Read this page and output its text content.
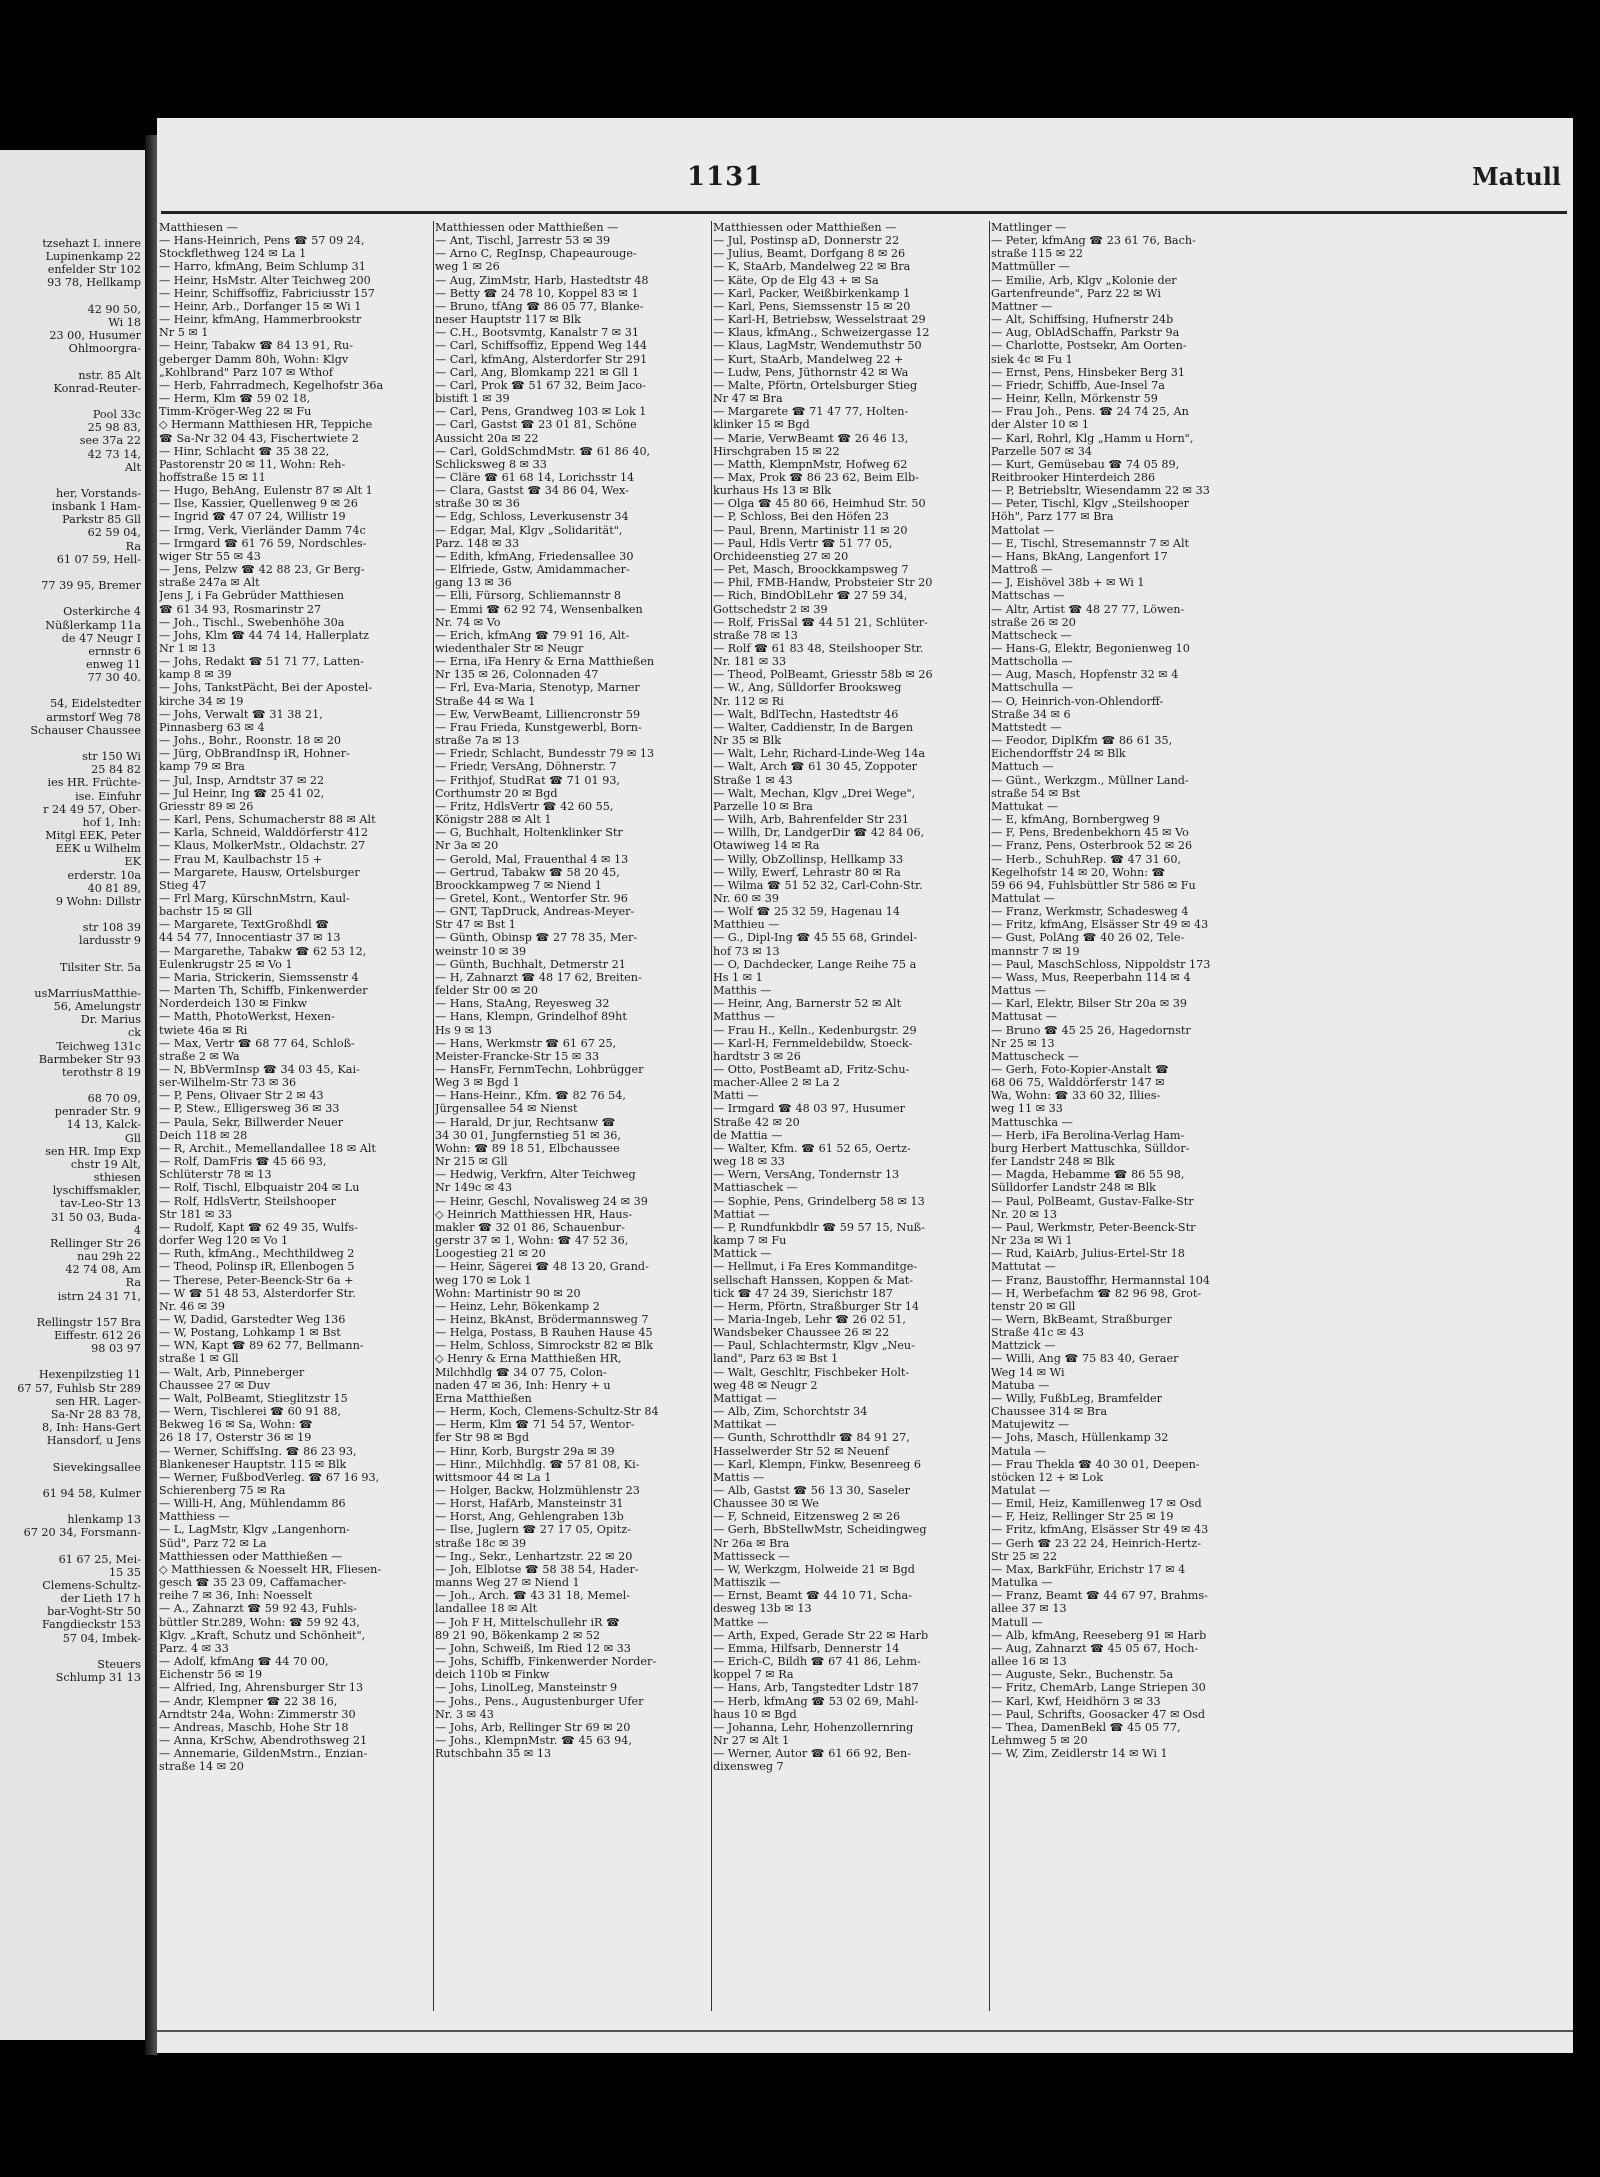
tzsehazt I. innere
Lupinenkamp 22
enfelder Str 102
93 78, Hellkamp

42 90 50,
Wi 18
23 00, Husumer
Ohlmoorgra-

nstr. 85 Alt
Konrad-Reuter-

Pool 33c
25 98 83,
see 37a 22
42 73 14,
Alt

her, Vorstands-
insbank 1 Ham-
Parkstr 85 Gll
62 59 04,
Ra
61 07 59, Hell-

77 39 95, Bremer

Osterkirche 4
Nüßlerkamp 11a
de 47 Neugr I
ernnstr 6
enweg 11
77 30 40.

54, Eidelstedter
armstorf Weg 78
Schauser Chaussee

str 150 Wi
25 84 82
ies HR. Früchte-
ise. Einfuhr
r 24 49 57, Ober-
hof 1, Inh:
Mitgl EEK, Peter
EEK u Wilhelm
EK
erderstr. 10a
40 81 89,
9 Wohn: Dillstr

str 108 39
lardusstr 9

Tilsiter Str. 5a

usMarriusMatthie-
56, Amelungstr
Dr. Marius
ck
Teichweg 131c
Barmbeker Str 93
terothstr 8 19

68 70 09,
penrader Str. 9
14 13, Kalck-
Gll
sen HR. Imp Exp
chstr 19 Alt,
sthiesen
lyschiffsmakler,
tav-Leo-Str 13
31 50 03, Buda-
4
Rellinger Str 26
nau 29h 22
42 74 08, Am
Ra
istrn 24 31 71,

Rellingstr 157 Bra
Eiffestr. 612 26
98 03 97

Hexenpilzstieg 11
67 57, Fuhlsb Str 289
sen HR. Lager-
Sa-Nr 28 83 78,
8, Inh: Hans-Gert
Hansdorf, u Jens

Sievekingsallee

61 94 58, Kulmer

hlenkamp 13
67 20 34, Forsmann-

61 67 25, Mei-
15 35
Clemens-Schultz-
der Lieth 17 h
bar-Voght-Str 50
Fangdieckstr 153
57 04, Imbek-

Steuers
Schlump 31 13
1131	Matull
Matthiesen —
— Hans-Heinrich, Pens ☎ 57 09 24,
Stockflethweg 124 ✉ La 1
— Harro, kfmAng, Beim Schlump 31
— Heinr, HsMstr. Alter Teichweg 200
— Heinr, Schiffsoffiz, Fabriciusstr 157
— Heinr, Arb., Dorfanger 15 ✉ Wi 1
— Heinr, kfmAng, Hammerbrookstr
Nr 5 ✉ 1
— Heinr, Tabakw ☎ 84 13 91, Ru-
geberger Damm 80h, Wohn: Klgv
„Kohlbrand" Parz 107 ✉ Wthof
— Herb, Fahrradmech, Kegelhofstr 36a
— Herm, Klm ☎ 59 02 18,
Timm-Kröger-Weg 22 ✉ Fu
◇ Hermann Matthiesen HR, Teppiche
☎ Sa-Nr 32 04 43, Fischertwiete 2
— Hinr, Schlacht ☎ 35 38 22,
Pastorenstr 20 ✉ 11, Wohn: Reh-
hoffstraße 15 ✉ 11
— Hugo, BehAng, Eulenstr 87 ✉ Alt 1
— Ilse, Kassier, Quellenweg 9 ✉ 26
— Ingrid ☎ 47 07 24, Willistr 19
— Irmg, Verk, Vierländer Damm 74c
— Irmgard ☎ 61 76 59, Nordschles-
wiger Str 55 ✉ 43
— Jens, Pelzw ☎ 42 88 23, Gr Berg-
straße 247a ✉ Alt
Jens J, i Fa Gebrüder Matthiesen
☎ 61 34 93, Rosmarinstr 27
— Joh., Tischl., Swebenhöhe 30a
— Johs, Klm ☎ 44 74 14, Hallerplatz
Nr 1 ✉ 13
— Johs, Redakt ☎ 51 71 77, Latten-
kamp 8 ✉ 39
— Johs, TankstPächt, Bei der Apostel-
kirche 34 ✉ 19
— Johs, Verwalt ☎ 31 38 21,
Pinnasberg 63 ✉ 4
— Johs., Bohr., Roonstr. 18 ✉ 20
— Jürg, ObBrandInsp iR, Hohner-
kamp 79 ✉ Bra
— Jul, Insp, Arndtstr 37 ✉ 22
— Jul Heinr, Ing ☎ 25 41 02,
Griesstr 89 ✉ 26
— Karl, Pens, Schumacherstr 88 ✉ Alt
— Karla, Schneid, Walddörferstr 412
— Klaus, MolkerMstr., Oldachstr. 27
— Frau M, Kaulbachstr 15 +
— Margarete, Hausw, Ortelsburger
Stieg 47
— Frl Marg, KürschnMstrn, Kaul-
bachstr 15 ✉ Gll
— Margarete, TextGroßhdl ☎
44 54 77, Innocentiastr 37 ✉ 13
— Margarethe, Tabakw ☎ 62 53 12,
Eulenkrugstr 25 ✉ Vo 1
— Maria, Strickerin, Siemssenstr 4
— Marten Th, Schiffb, Finkenwerder
Norderdeich 130 ✉ Finkw
— Matth, PhotoWerkst, Hexen-
twiete 46a ✉ Ri
— Max, Vertr ☎ 68 77 64, Schloß-
straße 2 ✉ Wa
— N, BbVermInsp ☎ 34 03 45, Kai-
ser-Wilhelm-Str 73 ✉ 36
— P, Pens, Olivaer Str 2 ✉ 43
— P, Stew., Elligersweg 36 ✉ 33
— Paula, Sekr, Billwerder Neuer
Deich 118 ✉ 28
— R, Archit., Memellandallee 18 ✉ Alt
— Rolf, DamFris ☎ 45 66 93,
Schlüterstr 78 ✉ 13
— Rolf, Tischl, Elbquaistr 204 ✉ Lu
— Rolf, HdlsVertr, Steilshooper
Str 181 ✉ 33
— Rudolf, Kapt ☎ 62 49 35, Wulfs-
dorfer Weg 120 ✉ Vo 1
— Ruth, kfmAng., Mechthildweg 2
— Theod, Polinsp iR, Ellenbogen 5
— Therese, Peter-Beenck-Str 6a +
— W ☎ 51 48 53, Alsterdorfer Str.
Nr. 46 ✉ 39
— W, Dadid, Garstedter Weg 136
— W, Postang, Lohkamp 1 ✉ Bst
— WN, Kapt ☎ 89 62 77, Bellmann-
straße 1 ✉ Gll
— Walt, Arb, Pinneberger
Chaussee 27 ✉ Duv
— Walt, PolBeamt, Stieglitzstr 15
— Wern, Tischlerei ☎ 60 91 88,
Bekweg 16 ✉ Sa, Wohn: ☎
26 18 17, Osterstr 36 ✉ 19
— Werner, SchiffsIng. ☎ 86 23 93,
Blankeneser Hauptstr. 115 ✉ Blk
— Werner, FußbodVerleg. ☎ 67 16 93,
Schierenberg 75 ✉ Ra
— Willi-H, Ang, Mühlendamm 86
Matthiess —
— L, LagMstr, Klgv „Langenhorn-
Süd", Parz 72 ✉ La
Matthiessen oder Matthießen —
◇ Matthiessen & Noesselt HR, Fliesen-
gesch ☎ 35 23 09, Caffamacher-
reihe 7 ✉ 36, Inh: Noesselt
— A., Zahnarzt ☎ 59 92 43, Fuhls-
büttler Str.289, Wohn: ☎ 59 92 43,
Klgv. „Kraft, Schutz und Schönheit",
Parz. 4 ✉ 33
— Adolf, kfmAng ☎ 44 70 00,
Eichenstr 56 ✉ 19
— Alfried, Ing, Ahrensburger Str 13
— Andr, Klempner ☎ 22 38 16,
Arndtstr 24a, Wohn: Zimmerstr 30
— Andreas, Maschb, Hohe Str 18
— Anna, KrSchw, Abendrothsweg 21
— Annemarie, GildenMstrn., Enzian-
straße 14 ✉ 20
Matthiessen oder Matthießen —
— Ant, Tischl, Jarrestr 53 ✉ 39
— Arno C, RegInsp, Chapeaurouge-
weg 1 ✉ 26
— Aug, ZimMstr, Harb, Hastedtstr 48
— Betty ☎ 24 78 10, Koppel 83 ✉ 1
— Bruno, tfAng ☎ 86 05 77, Blanke-
neser Hauptstr 117 ✉ Blk
— C.H., Bootsvmtg, Kanalstr 7 ✉ 31
— Carl, Schiffsoffiz, Eppend Weg 144
— Carl, kfmAng, Alsterdorfer Str 291
— Carl, Ang, Blomkamp 221 ✉ Gll 1
— Carl, Prok ☎ 51 67 32, Beim Jaco-
bistift 1 ✉ 39
— Carl, Pens, Grandweg 103 ✉ Lok 1
— Carl, Gastst ☎ 23 01 81, Schöne
Aussicht 20a ✉ 22
— Carl, GoldSchmdMstr. ☎ 61 86 40,
Schlicksweg 8 ✉ 33
— Cläre ☎ 61 68 14, Lorichsstr 14
— Clara, Gastst ☎ 34 86 04, Wex-
straße 30 ✉ 36
— Edg, Schloss, Leverkusenstr 34
— Edgar, Mal, Klgv „Solidarität",
Parz. 148 ✉ 33
— Edith, kfmAng, Friedensallee 30
— Elfriede, Gstw, Amidammacher-
gang 13 ✉ 36
— Elli, Fürsorg, Schliemannstr 8
— Emmi ☎ 62 92 74, Wensenbalken
Nr. 74 ✉ Vo
— Erich, kfmAng ☎ 79 91 16, Alt-
wiedenthaler Str ✉ Neugr
— Erna, iFa Henry & Erna Matthießen
Nr 135 ✉ 26, Colonnaden 47
— Frl, Eva-Maria, Stenotyp, Marner
Straße 44 ✉ Wa 1
— Ew, VerwBeamt, Lilliencronstr 59
— Frau Frieda, Kunstgewerbl, Born-
straße 7a ✉ 13
— Friedr, Schlacht, Bundesstr 79 ✉ 13
— Friedr, VersAng, Döhnerstr. 7
— Frithjof, StudRat ☎ 71 01 93,
Corthumstr 20 ✉ Bgd
— Fritz, HdlsVertr ☎ 42 60 55,
Königstr 288 ✉ Alt 1
— G, Buchhalt, Holtenklinker Str
Nr 3a ✉ 20
— Gerold, Mal, Frauenthal 4 ✉ 13
— Gertrud, Tabakw ☎ 58 20 45,
Broockkampweg 7 ✉ Niend 1
— Gretel, Kont., Wentorfer Str. 96
— GNT, TapDruck, Andreas-Meyer-
Str 47 ✉ Bst 1
— Günth, Obinsp ☎ 27 78 35, Mer-
weinstr 10 ✉ 39
— Günth, Buchhalt, Detmerstr 21
— H, Zahnarzt ☎ 48 17 62, Breiten-
felder Str 00 ✉ 20
— Hans, StaAng, Reyesweg 32
— Hans, Klempn, Grindelhof 89ht
Hs 9 ✉ 13
— Hans, Werkmstr ☎ 61 67 25,
Meister-Francke-Str 15 ✉ 33
— HansFr, FernmTechn, Lohbrügger
Weg 3 ✉ Bgd 1
— Hans-Heinr., Kfm. ☎ 82 76 54,
Jürgensallee 54 ✉ Nienst
— Harald, Dr jur, Rechtsanw ☎
34 30 01, Jungfernstieg 51 ✉ 36,
Wohn: ☎ 89 18 51, Elbchaussee
Nr 215 ✉ Gll
— Hedwig, Verkfrn, Alter Teichweg
Nr 149c ✉ 43
— Heinr, Geschl, Novalisweg 24 ✉ 39
◇ Heinrich Matthiessen HR, Haus-
makler ☎ 32 01 86, Schauenbur-
gerstr 37 ✉ 1, Wohn: ☎ 47 52 36,
Loogestieg 21 ✉ 20
— Heinr, Sägerei ☎ 48 13 20, Grand-
weg 170 ✉ Lok 1
Wohn: Martinistr 90 ✉ 20
— Heinz, Lehr, Bökenkamp 2
— Heinz, BkAnst, Brödermannsweg 7
— Helga, Postass, B Rauhen Hause 45
— Helm, Schloss, Simrockstr 82 ✉ Blk
◇ Henry & Erna Matthießen HR,
Milchhdlg ☎ 34 07 75, Colon-
naden 47 ✉ 36, Inh: Henry + u
Erna Matthießen
— Herm, Koch, Clemens-Schultz-Str 84
— Herm, Klm ☎ 71 54 57, Wentor-
fer Str 98 ✉ Bgd
— Hinr, Korb, Burgstr 29a ✉ 39
— Hinr., Milchhdlg. ☎ 57 81 08, Ki-
wittsmoor 44 ✉ La 1
— Holger, Backw, Holzmühlenstr 23
— Horst, HafArb, Mansteinstr 31
— Horst, Ang, Gehlengraben 13b
— Ilse, Juglern ☎ 27 17 05, Opitz-
straße 18c ✉ 39
— Ing., Sekr., Lenhartzstr. 22 ✉ 20
— Joh, Elblotse ☎ 58 38 54, Hader-
manns Weg 27 ✉ Niend 1
— Joh., Arch. ☎ 43 31 18, Memel-
landallee 18 ✉ Alt
— Joh F H, Mittelschullehr iR ☎
89 21 90, Bökenkamp 2 ✉ 52
— John, Schweiß, Im Ried 12 ✉ 33
— Johs, Schiffb, Finkenwerder Norder-
deich 110b ✉ Finkw
— Johs, LinolLeg, Mansteinstr 9
— Johs., Pens., Augustenburger Ufer
Nr. 3 ✉ 43
— Johs, Arb, Rellinger Str 69 ✉ 20
— Johs., KlempnMstr. ☎ 45 63 94,
Rutschbahn 35 ✉ 13
Matthiessen oder Matthießen —
— Jul, Postinsp aD, Donnerstr 22
— Julius, Beamt, Dorfgang 8 ✉ 26
— K, StaArb, Mandelweg 22 ✉ Bra
— Käte, Op de Elg 43 + ✉ Sa
— Karl, Packer, Weißbirkenkamp 1
— Karl, Pens, Siemssenstr 15 ✉ 20
— Karl-H, Betriebsw, Wesselstraat 29
— Klaus, kfmAng., Schweizergasse 12
— Klaus, LagMstr, Wendemuthstr 50
— Kurt, StaArb, Mandelweg 22 +
— Ludw, Pens, Jüthornstr 42 ✉ Wa
— Malte, Pförtn, Ortelsburger Stieg
Nr 47 ✉ Bra
— Margarete ☎ 71 47 77, Holten-
klinker 15 ✉ Bgd
— Marie, VerwBeamt ☎ 26 46 13,
Hirschgraben 15 ✉ 22
— Matth, KlempnMstr, Hofweg 62
— Max, Prok ☎ 86 23 62, Beim Elb-
kurhaus Hs 13 ✉ Blk
— Olga ☎ 45 80 66, Heimhud Str. 50
— P, Schloss, Bei den Höfen 23
— Paul, Brenn, Martinistr 11 ✉ 20
— Paul, Hdls Vertr ☎ 51 77 05,
Orchideenstieg 27 ✉ 20
— Pet, Masch, Broockkampsweg 7
— Phil, FMB-Handw, Probsteier Str 20
— Rich, BindOblLehr ☎ 27 59 34,
Gottschedstr 2 ✉ 39
— Rolf, FrisSal ☎ 44 51 21, Schlüter-
straße 78 ✉ 13
— Rolf ☎ 61 83 48, Steilshooper Str.
Nr. 181 ✉ 33
— Theod, PolBeamt, Griesstr 58b ✉ 26
— W., Ang, Sülldorfer Brooksweg
Nr. 112 ✉ Ri
— Walt, BdlTechn, Hastedtstr 46
— Walter, Caddienstr, In de Bargen
Nr 35 ✉ Blk
— Walt, Lehr, Richard-Linde-Weg 14a
— Walt, Arch ☎ 61 30 45, Zoppoter
Straße 1 ✉ 43
— Walt, Mechan, Klgv „Drei Wege",
Parzelle 10 ✉ Bra
— Wilh, Arb, Bahrenfelder Str 231
— Willh, Dr, LandgerDir ☎ 42 84 06,
Otawiweg 14 ✉ Ra
— Willy, ObZollinsp, Hellkamp 33
— Willy, Ewerf, Lehrastr 80 ✉ Ra
— Wilma ☎ 51 52 32, Carl-Cohn-Str.
Nr. 60 ✉ 39
— Wolf ☎ 25 32 59, Hagenau 14
Matthieu —
— G., Dipl-Ing ☎ 45 55 68, Grindel-
hof 73 ✉ 13
— O, Dachdecker, Lange Reihe 75 a
Hs 1 ✉ 1
Matthis —
— Heinr, Ang, Barnerstr 52 ✉ Alt
Matthus —
— Frau H., Kelln., Kedenburgstr. 29
— Karl-H, Fernmeldebildw, Stoeck-
hardtstr 3 ✉ 26
— Otto, PostBeamt aD, Fritz-Schu-
macher-Allee 2 ✉ La 2
Matti —
— Irmgard ☎ 48 03 97, Husumer
Straße 42 ✉ 20
de Mattia —
— Walter, Kfm. ☎ 61 52 65, Oertz-
weg 18 ✉ 33
— Wern, VersAng, Tondernstr 13
Mattiaschek —
— Sophie, Pens, Grindelberg 58 ✉ 13
Mattiat —
— P, Rundfunkbdlr ☎ 59 57 15, Nuß-
kamp 7 ✉ Fu
Mattick —
— Hellmut, i Fa Eres Kommanditge-
sellschaft Hanssen, Koppen & Mat-
tick ☎ 47 24 39, Sierichstr 187
— Herm, Pförtn, Straßburger Str 14
— Maria-Ingeb, Lehr ☎ 26 02 51,
Wandsbeker Chaussee 26 ✉ 22
— Paul, Schlachtermstr, Klgv „Neu-
land", Parz 63 ✉ Bst 1
— Walt, Geschltr, Fischbeker Holt-
weg 48 ✉ Neugr 2
Mattigat —
— Alb, Zim, Schorchtstr 34
Mattikat —
— Gunth, Schrotthdlr ☎ 84 91 27,
Hasselwerder Str 52 ✉ Neuenf
— Karl, Klempn, Finkw, Besenreeg 6
Mattis —
— Alb, Gastst ☎ 56 13 30, Saseler
Chaussee 30 ✉ We
— F, Schneid, Eitzensweg 2 ✉ 26
— Gerh, BbStellwMstr, Scheidingweg
Nr 26a ✉ Bra
Mattisseck —
— W, Werkzgm, Holweide 21 ✉ Bgd
Mattiszik —
— Ernst, Beamt ☎ 44 10 71, Scha-
desweg 13b ✉ 13
Mattke —
— Arth, Exped, Gerade Str 22 ✉ Harb
— Emma, Hilfsarb, Dennerstr 14
— Erich-C, Bildh ☎ 67 41 86, Lehm-
koppel 7 ✉ Ra
— Hans, Arb, Tangstedter Ldstr 187
— Herb, kfmAng ☎ 53 02 69, Mahl-
haus 10 ✉ Bgd
— Johanna, Lehr, Hohenzollernring
Nr 27 ✉ Alt 1
— Werner, Autor ☎ 61 66 92, Ben-
dixensweg 7
Mattlinger —
— Peter, kfmAng ☎ 23 61 76, Bach-
straße 115 ✉ 22
Mattmüller —
— Emilie, Arb, Klgv „Kolonie der
Gartenfreunde", Parz 22 ✉ Wi
Mattner —
— Alt, Schiffsing, Hufnerstr 24b
— Aug, OblAdSchaffn, Parkstr 9a
— Charlotte, Postsekr, Am Oorten-
siek 4c ✉ Fu 1
— Ernst, Pens, Hinsbeker Berg 31
— Friedr, Schiffb, Aue-Insel 7a
— Heinr, Kelln, Mörkenstr 59
— Frau Joh., Pens. ☎ 24 74 25, An
der Alster 10 ✉ 1
— Karl, Rohrl, Klg „Hamm u Horn",
Parzelle 507 ✉ 34
— Kurt, Gemüsebau ☎ 74 05 89,
Reitbrooker Hinterdeich 286
— P, Betriebsltr, Wiesendamm 22 ✉ 33
— Peter, Tischl, Klgv „Steilshooper
Höh", Parz 177 ✉ Bra
Mattolat —
— E, Tischl, Stresemannstr 7 ✉ Alt
— Hans, BkAng, Langenfort 17
Mattroß —
— J, Eishövel 38b + ✉ Wi 1
Mattschas —
— Altr, Artist ☎ 48 27 77, Löwen-
straße 26 ✉ 20
Mattscheck —
— Hans-G, Elektr, Begonienweg 10
Mattscholla —
— Aug, Masch, Hopfenstr 32 ✉ 4
Mattschulla —
— O, Heinrich-von-Ohlendorff-
Straße 34 ✉ 6
Mattstedt —
— Feodor, DiplKfm ☎ 86 61 35,
Eichendorffstr 24 ✉ Blk
Mattuch —
— Günt., Werkzgm., Müllner Land-
straße 54 ✉ Bst
Mattukat —
— E, kfmAng, Bornbergweg 9
— F, Pens, Bredenbekhorn 45 ✉ Vo
— Franz, Pens, Osterbrook 52 ✉ 26
— Herb., SchuhRep. ☎ 47 31 60,
Kegelhofstr 14 ✉ 20, Wohn: ☎
59 66 94, Fuhlsbüttler Str 586 ✉ Fu
Mattulat —
— Franz, Werkmstr, Schadesweg 4
— Fritz, kfmAng, Elsässer Str 49 ✉ 43
— Gust, PolAng ☎ 40 26 02, Tele-
mannstr 7 ✉ 19
— Paul, MaschSchloss, Nippoldstr 173
— Wass, Mus, Reeperbahn 114 ✉ 4
Mattus —
— Karl, Elektr, Bilser Str 20a ✉ 39
Mattusat —
— Bruno ☎ 45 25 26, Hagedornstr
Nr 25 ✉ 13
Mattuscheck —
— Gerh, Foto-Kopier-Anstalt ☎
68 06 75, Walddörferstr 147 ✉
Wa, Wohn: ☎ 33 60 32, Illies-
weg 11 ✉ 33
Mattuschka —
— Herb, iFa Berolina-Verlag Ham-
burg Herbert Mattuschka, Sülldor-
fer Landstr 248 ✉ Blk
— Magda, Hebamme ☎ 86 55 98,
Sülldorfer Landstr 248 ✉ Blk
— Paul, PolBeamt, Gustav-Falke-Str
Nr. 20 ✉ 13
— Paul, Werkmstr, Peter-Beenck-Str
Nr 23a ✉ Wi 1
— Rud, KaiArb, Julius-Ertel-Str 18
Mattutat —
— Franz, Baustoffhr, Hermannstal 104
— H, Werbefachm ☎ 82 96 98, Grot-
tenstr 20 ✉ Gll
— Wern, BkBeamt, Straßburger
Straße 41c ✉ 43
Mattzick —
— Willi, Ang ☎ 75 83 40, Geraer
Weg 14 ✉ Wi
Matuba —
— Willy, FußbLeg, Bramfelder
Chaussee 314 ✉ Bra
Matujewitz —
— Johs, Masch, Hüllenkamp 32
Matula —
— Frau Thekla ☎ 40 30 01, Deepen-
stöcken 12 + ✉ Lok
Matulat —
— Emil, Heiz, Kamillenweg 17 ✉ Osd
— F, Heiz, Rellinger Str 25 ✉ 19
— Fritz, kfmAng, Elsässer Str 49 ✉ 43
— Gerh ☎ 23 22 24, Heinrich-Hertz-
Str 25 ✉ 22
— Max, BarkFühr, Erichstr 17 ✉ 4
Matulka —
— Franz, Beamt ☎ 44 67 97, Brahms-
allee 37 ✉ 13
Matull —
— Alb, kfmAng, Reeseberg 91 ✉ Harb
— Aug, Zahnarzt ☎ 45 05 67, Hoch-
allee 16 ✉ 13
— Auguste, Sekr., Buchenstr. 5a
— Fritz, ChemArb, Lange Striepen 30
— Karl, Kwf, Heidhörn 3 ✉ 33
— Paul, Schrifts, Goosacker 47 ✉ Osd
— Thea, DamenBekl ☎ 45 05 77,
Lehmweg 5 ✉ 20
— W, Zim, Zeidlerstr 14 ✉ Wi 1
